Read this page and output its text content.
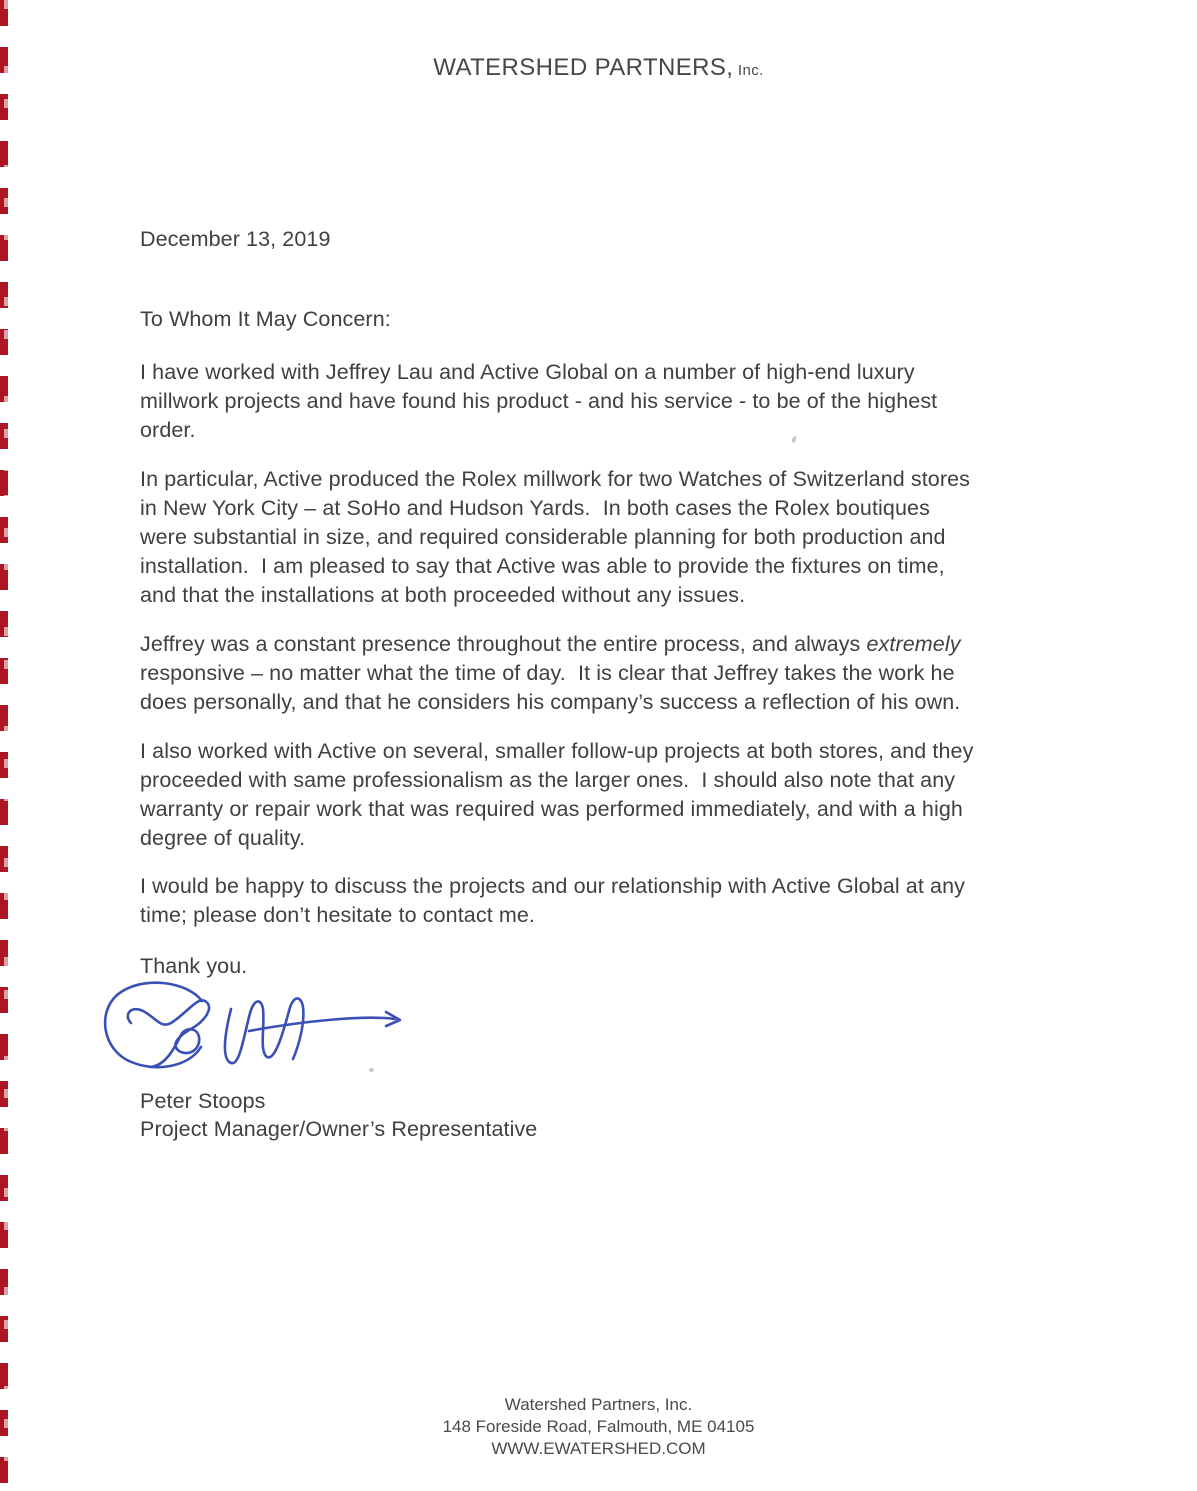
WATERSHED PARTNERS, Inc.
December 13, 2019
To Whom It May Concern:
I have worked with Jeffrey Lau and Active Global on a number of high-end luxury
millwork projects and have found his product - and his service - to be of the highest
order.
In particular, Active produced the Rolex millwork for two Watches of Switzerland stores
in New York City – at SoHo and Hudson Yards.  In both cases the Rolex boutiques
were substantial in size, and required considerable planning for both production and
installation.  I am pleased to say that Active was able to provide the fixtures on time,
and that the installations at both proceeded without any issues.
Jeffrey was a constant presence throughout the entire process, and always extremely
responsive – no matter what the time of day.  It is clear that Jeffrey takes the work he
does personally, and that he considers his company’s success a reflection of his own.
I also worked with Active on several, smaller follow-up projects at both stores, and they
proceeded with same professionalism as the larger ones.  I should also note that any
warranty or repair work that was required was performed immediately, and with a high
degree of quality.
I would be happy to discuss the projects and our relationship with Active Global at any
time; please don’t hesitate to contact me.
Thank you.
Peter Stoops
Project Manager/Owner’s Representative
Watershed Partners, Inc.
148 Foreside Road, Falmouth, ME 04105
WWW.EWATERSHED.COM
